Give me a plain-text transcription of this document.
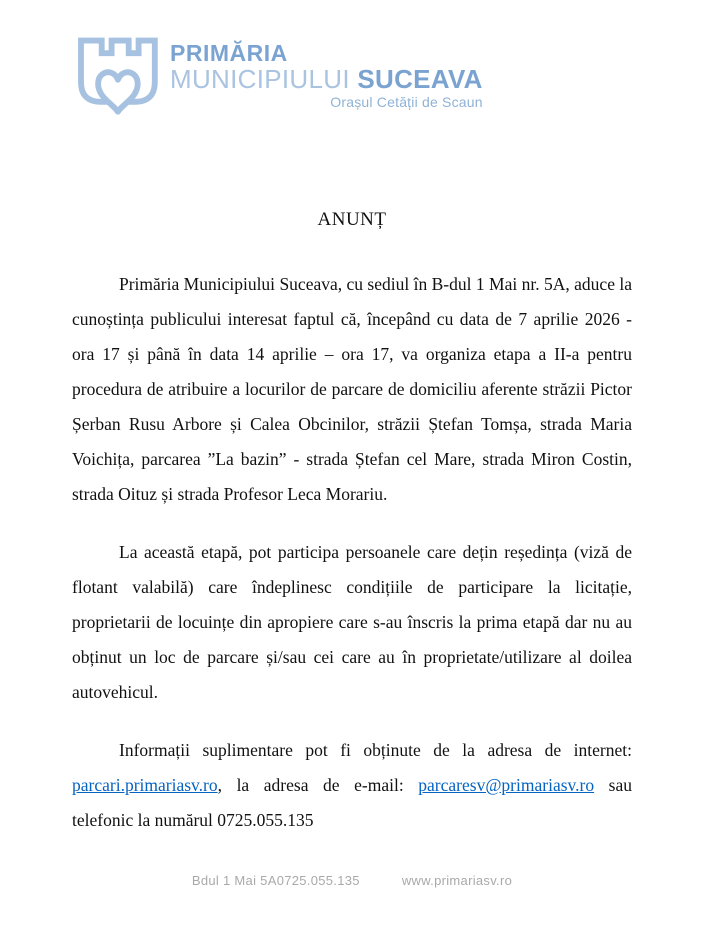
PRIMĂRIA
MUNICIPIULUI SUCEAVA
Orașul Cetății de Scaun
ANUNȚ

Primăria Municipiului Suceava, cu sediul în B-dul 1 Mai nr. 5A, aduce la cunoștința publicului interesat faptul că, începând cu data de 7 aprilie 2026 - ora 17 și până în data 14 aprilie – ora 17, va organiza etapa a II-a pentru procedura de atribuire a locurilor de parcare de domiciliu aferente străzii Pictor Șerban Rusu Arbore și Calea Obcinilor, străzii Ștefan Tomșa, strada Maria Voichița, parcarea ”La bazin” - strada Ștefan cel Mare, strada Miron Costin, strada Oituz și strada Profesor Leca Morariu.

La această etapă, pot participa persoanele care dețin reședința (viză de flotant valabilă) care îndeplinesc condițiile de participare la licitație, proprietarii de locuințe din apropiere care s-au înscris la prima etapă dar nu au obținut un loc de parcare și/sau cei care au în proprietate/utilizare al doilea autovehicul.

Informații suplimentare pot fi obținute de la adresa de internet: parcari.primariasv.ro, la adresa de e-mail: parcaresv@primariasv.ro sau telefonic la numărul 0725.055.135

Bdul 1 Mai 5A0725.055.135	www.primariasv.ro
